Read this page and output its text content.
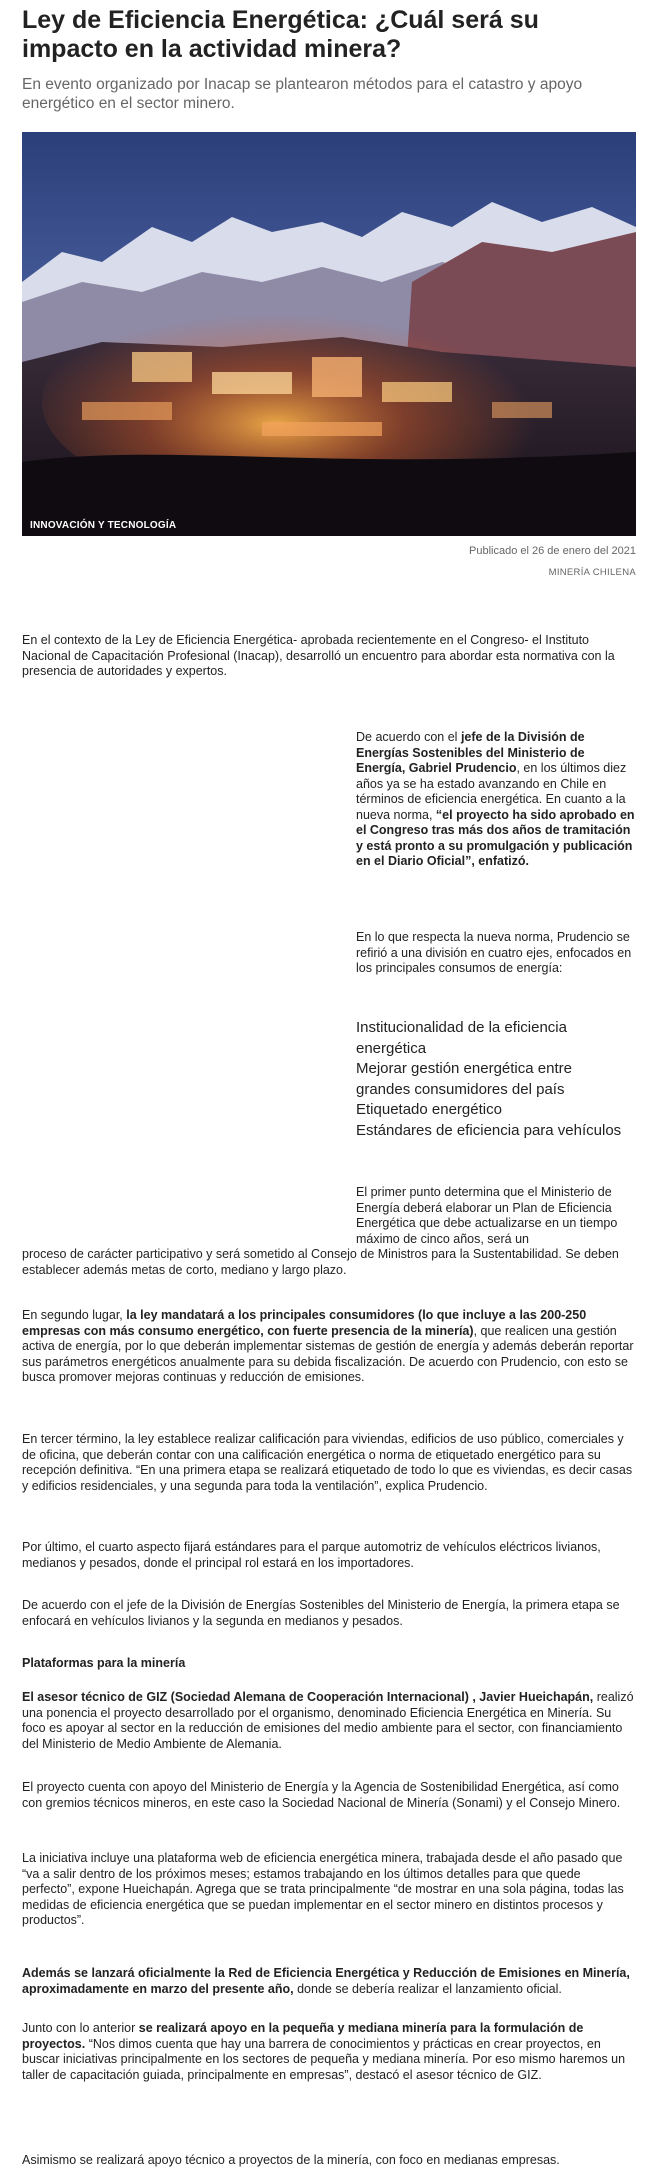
Ley de Eficiencia Energética: ¿Cuál será su impacto en la actividad minera?

En evento organizado por Inacap se plantearon métodos para el catastro y apoyo energético en el sector minero.

INNOVACIÓN Y TECNOLOGÍA
Publicado el 26 de enero del 2021
MINERÍA CHILENA

En el contexto de la Ley de Eficiencia Energética- aprobada recientemente en el Congreso- el Instituto Nacional de Capacitación Profesional (Inacap), desarrolló un encuentro para abordar esta normativa con la presencia de autoridades y expertos.

De acuerdo con el jefe de la División de Energías Sostenibles del Ministerio de Energía, Gabriel Prudencio, en los últimos diez años ya se ha estado avanzando en Chile en términos de eficiencia energética. En cuanto a la nueva norma, “el proyecto ha sido aprobado en el Congreso tras más dos años de tramitación y está pronto a su promulgación y publicación en el Diario Oficial”, enfatizó.

En lo que respecta la nueva norma, Prudencio se refirió a una división en cuatro ejes, enfocados en los principales consumos de energía:

Institucionalidad de la eficiencia energética
Mejorar gestión energética entre grandes consumidores del país
Etiquetado energético
Estándares de eficiencia para vehículos

El primer punto determina que el Ministerio de Energía deberá elaborar un Plan de Eficiencia Energética que debe actualizarse en un tiempo máximo de cinco años, será un

proceso de carácter participativo y será sometido al Consejo de Ministros para la Sustentabilidad. Se deben establecer además metas de corto, mediano y largo plazo.

En segundo lugar, la ley mandatará a los principales consumidores (lo que incluye a las 200-250 empresas con más consumo energético, con fuerte presencia de la minería), que realicen una gestión activa de energía, por lo que deberán implementar sistemas de gestión de energía y además deberán reportar sus parámetros energéticos anualmente para su debida fiscalización. De acuerdo con Prudencio, con esto se busca promover mejoras continuas y reducción de emisiones.

En tercer término, la ley establece realizar calificación para viviendas, edificios de uso público, comerciales y de oficina, que deberán contar con una calificación energética o norma de etiquetado energético para su recepción definitiva. “En una primera etapa se realizará etiquetado de todo lo que es viviendas, es decir casas y edificios residenciales, y una segunda para toda la ventilación”, explica Prudencio.

Por último, el cuarto aspecto fijará estándares para el parque automotriz de vehículos eléctricos livianos, medianos y pesados, donde el principal rol estará en los importadores.

De acuerdo con el jefe de la División de Energías Sostenibles del Ministerio de Energía, la primera etapa se enfocará en vehículos livianos y la segunda en medianos y pesados.

Plataformas para la minería

El asesor técnico de GIZ (Sociedad Alemana de Cooperación Internacional) , Javier Hueichapán, realizó una ponencia el proyecto desarrollado por el organismo, denominado Eficiencia Energética en Minería. Su foco es apoyar al sector en la reducción de emisiones del medio ambiente para el sector, con financiamiento del Ministerio de Medio Ambiente de Alemania.

El proyecto cuenta con apoyo del Ministerio de Energía y la Agencia de Sostenibilidad Energética, así como con gremios técnicos mineros, en este caso la Sociedad Nacional de Minería (Sonami) y el Consejo Minero.

La iniciativa incluye una plataforma web de eficiencia energética minera, trabajada desde el año pasado que “va a salir dentro de los próximos meses; estamos trabajando en los últimos detalles para que quede perfecto”, expone Hueichapán. Agrega que se trata principalmente “de mostrar en una sola página, todas las medidas de eficiencia energética que se puedan implementar en el sector minero en distintos procesos y productos”.

Además se lanzará oficialmente la Red de Eficiencia Energética y Reducción de Emisiones en Minería, aproximadamente en marzo del presente año, donde se debería realizar el lanzamiento oficial.

Junto con lo anterior se realizará apoyo en la pequeña y mediana minería para la formulación de proyectos. “Nos dimos cuenta que hay una barrera de conocimientos y prácticas en crear proyectos, en buscar iniciativas principalmente en los sectores de pequeña y mediana minería. Por eso mismo haremos un taller de capacitación guiada, principalmente en empresas”, destacó el asesor técnico de GIZ.

Asimismo se realizará apoyo técnico a proyectos de la minería, con foco en medianas empresas.
